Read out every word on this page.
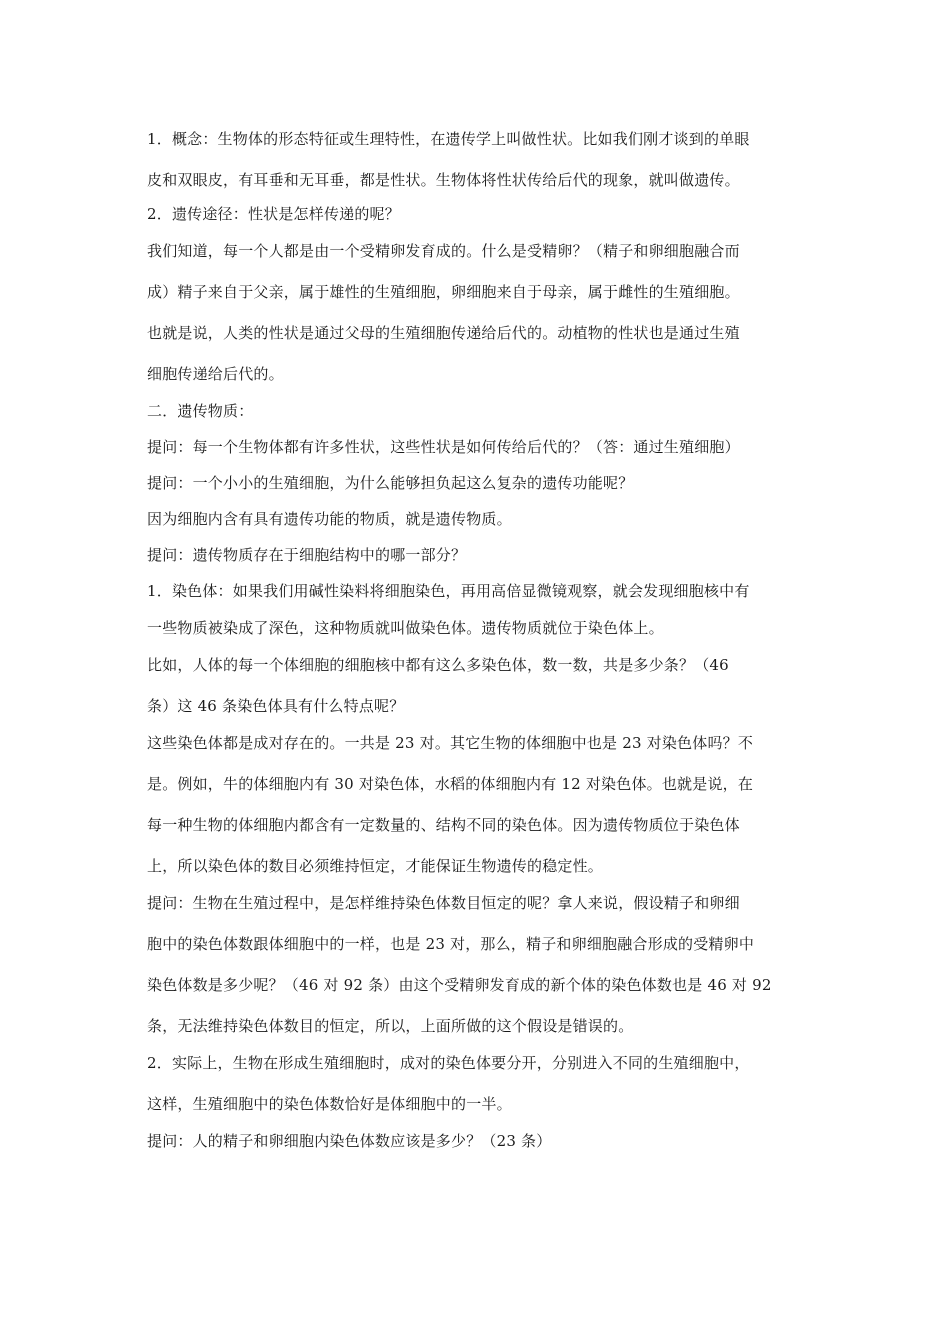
1．概念：生物体的形态特征或生理特性，在遗传学上叫做性状。比如我们刚才谈到的单眼
皮和双眼皮，有耳垂和无耳垂，都是性状。生物体将性状传给后代的现象，就叫做遗传。
2．遗传途径：性状是怎样传递的呢？
我们知道，每一个人都是由一个受精卵发育成的。什么是受精卵？（精子和卵细胞融合而
成）精子来自于父亲，属于雄性的生殖细胞，卵细胞来自于母亲，属于雌性的生殖细胞。
也就是说，人类的性状是通过父母的生殖细胞传递给后代的。动植物的性状也是通过生殖
细胞传递给后代的。
二．遗传物质：
提问：每一个生物体都有许多性状，这些性状是如何传给后代的？（答：通过生殖细胞）
提问：一个小小的生殖细胞，为什么能够担负起这么复杂的遗传功能呢？
因为细胞内含有具有遗传功能的物质，就是遗传物质。
提问：遗传物质存在于细胞结构中的哪一部分？
1．染色体：如果我们用碱性染料将细胞染色，再用高倍显微镜观察，就会发现细胞核中有
一些物质被染成了深色，这种物质就叫做染色体。遗传物质就位于染色体上。
比如，人体的每一个体细胞的细胞核中都有这么多染色体，数一数，共是多少条？（46
条）这 46 条染色体具有什么特点呢？
这些染色体都是成对存在的。一共是 23 对。其它生物的体细胞中也是 23 对染色体吗？不
是。例如，牛的体细胞内有 30 对染色体，水稻的体细胞内有 12 对染色体。也就是说，在
每一种生物的体细胞内都含有一定数量的、结构不同的染色体。因为遗传物质位于染色体
上，所以染色体的数目必须维持恒定，才能保证生物遗传的稳定性。
提问：生物在生殖过程中，是怎样维持染色体数目恒定的呢？拿人来说，假设精子和卵细
胞中的染色体数跟体细胞中的一样，也是 23 对，那么，精子和卵细胞融合形成的受精卵中
染色体数是多少呢？（46 对 92 条）由这个受精卵发育成的新个体的染色体数也是 46 对 92
条，无法维持染色体数目的恒定，所以，上面所做的这个假设是错误的。
2．实际上，生物在形成生殖细胞时，成对的染色体要分开，分别进入不同的生殖细胞中，
这样，生殖细胞中的染色体数恰好是体细胞中的一半。
提问：人的精子和卵细胞内染色体数应该是多少？（23 条）
